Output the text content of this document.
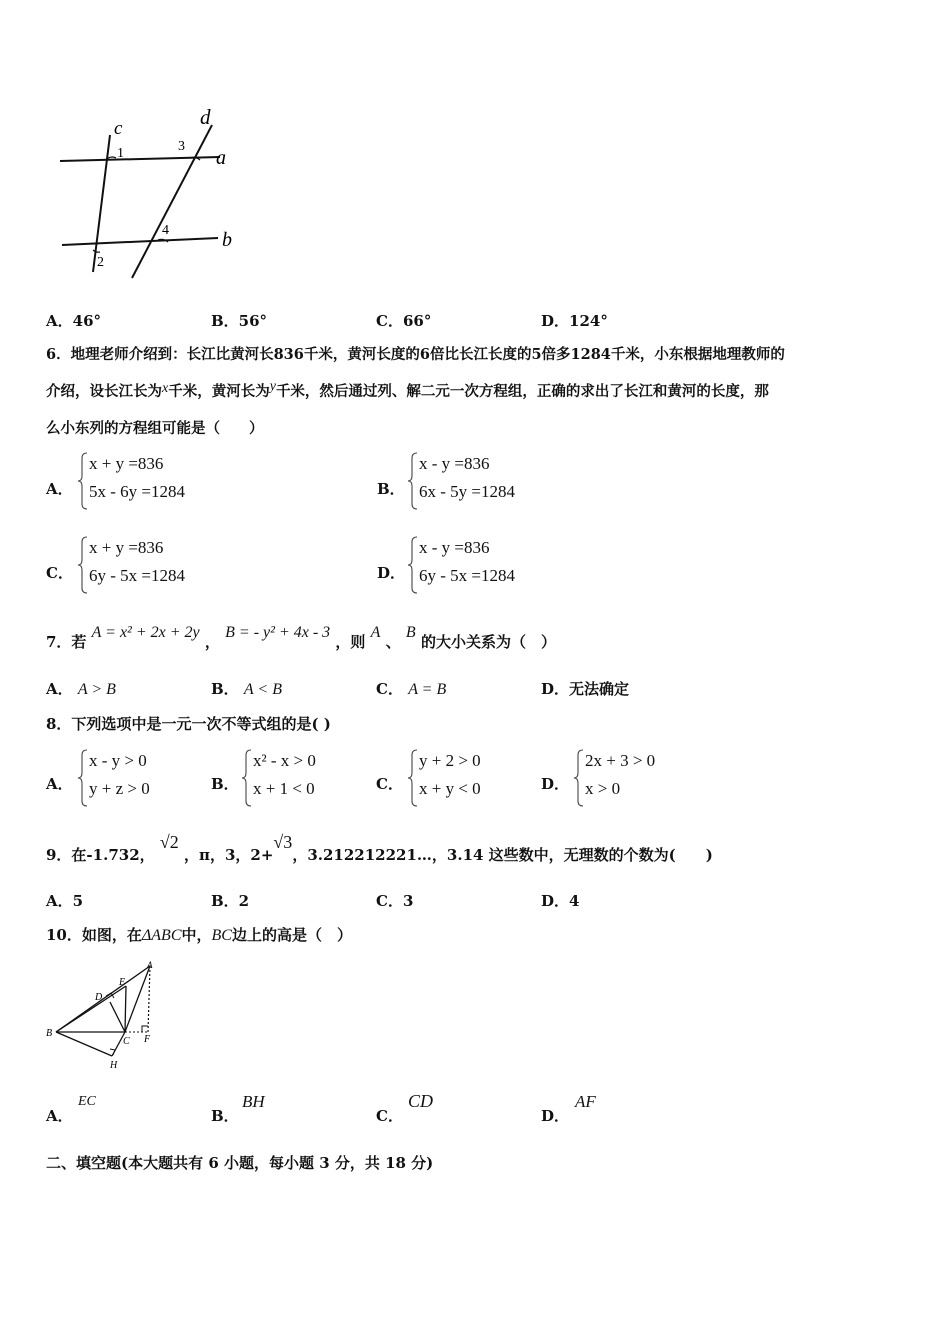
c	d
a
b
1
2
3
4
A．46°	B．56°	C．66°	D．124°
6．地理老师介绍到：长江比黄河长836千米，黄河长度的6倍比长江长度的5倍多1284千米，小东根据地理教师的
介绍，设长江长为x千米，黄河长为y千米，然后通过列、解二元一次方程组，正确的求出了长江和黄河的长度，那
么小东列的方程组可能是（　　）
A．
x + y =836
5x - 6y =1284	B．
x - y =836
6x - 5y =1284
C．
x + y =836
6y - 5x =1284	D．
x - y =836
6y - 5x =1284
7．若 A = x² + 2x + 2y ， B = - y² + 4x - 3 ，则 A 、 B 的大小关系为（　）
A． A > B	B． A < B	C． A = B	D．无法确定
8．下列选项中是一元一次不等式组的是( )
A．
x - y > 0
y + z > 0	B．
x² - x > 0
x + 1 < 0	C．
y + 2 > 0
x + y < 0	D．
2x + 3 > 0
x > 0
9．在-1.732， √2 ，π，3，2+√3，3.212212221…，3.14 这些数中，无理数的个数为(　　)
A．5	B．2	C．3	D．4
10．如图，在ΔABC中，BC边上的高是（　）
A
B
C
D
E
F
H
A．
EC
B．
BH
C．
CD
D．
AF
二、填空题(本大题共有 6 小题，每小题 3 分，共 18 分)
